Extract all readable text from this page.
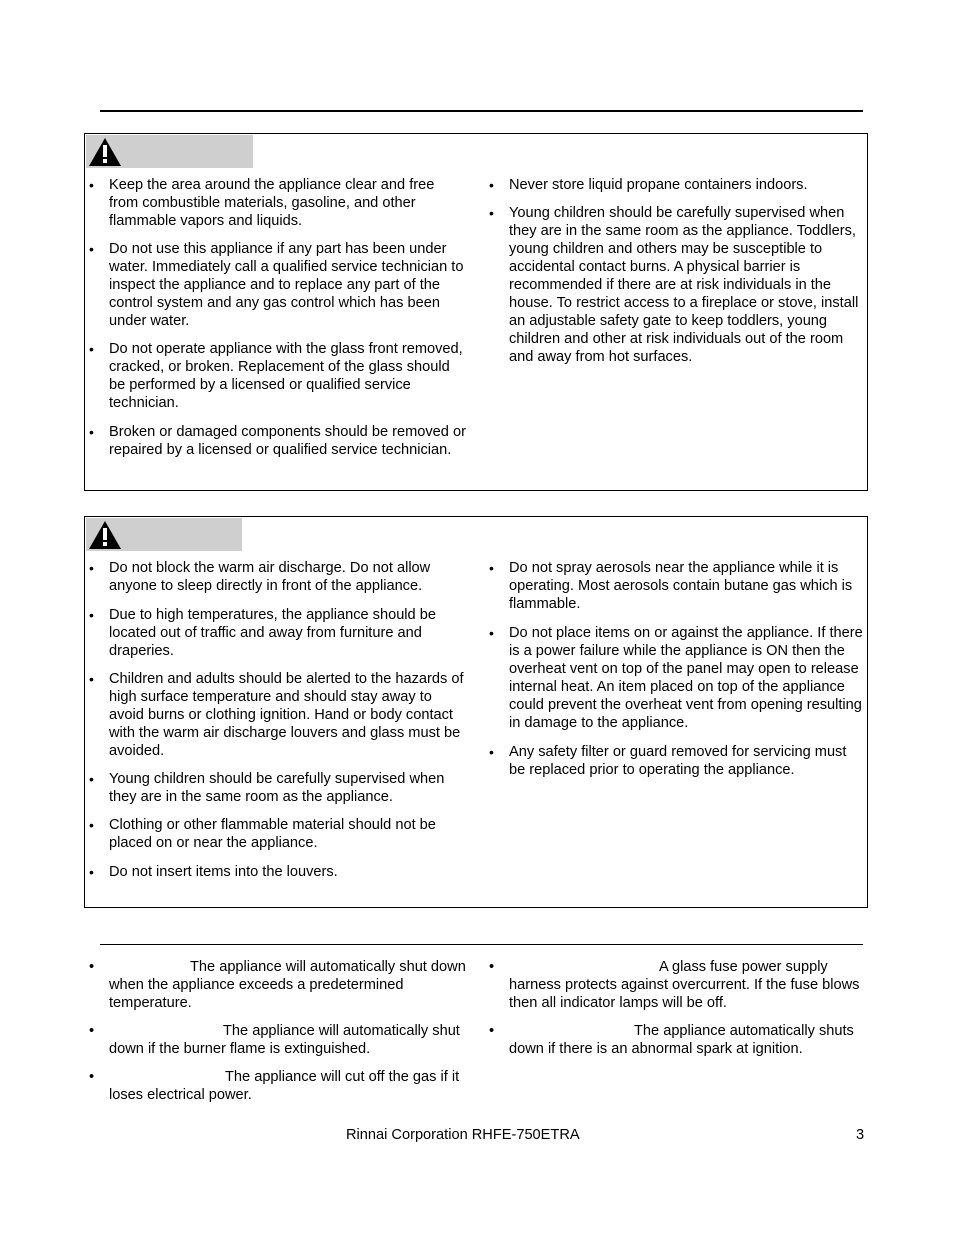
• Keep the area around the appliance clear and free from combustible materials, gasoline, and other flammable vapors and liquids.
• Do not use this appliance if any part has been under water. Immediately call a qualified service technician to inspect the appliance and to replace any part of the control system and any gas control which has been under water.
• Do not operate appliance with the glass front removed, cracked, or broken. Replacement of the glass should be performed by a licensed or qualified service technician.
• Broken or damaged components should be removed or repaired by a licensed or qualified service technician.
• Never store liquid propane containers indoors.
• Young children should be carefully supervised when they are in the same room as the appliance. Toddlers, young children and others may be susceptible to accidental contact burns. A physical barrier is recommended if there are at risk individuals in the house. To restrict access to a fireplace or stove, install an adjustable safety gate to keep toddlers, young children and other at risk individuals out of the room and away from hot surfaces.
• Do not block the warm air discharge. Do not allow anyone to sleep directly in front of the appliance.
• Due to high temperatures, the appliance should be located out of traffic and away from furniture and draperies.
• Children and adults should be alerted to the hazards of high surface temperature and should stay away to avoid burns or clothing ignition. Hand or body contact with the warm air discharge louvers and glass must be avoided.
• Young children should be carefully supervised when they are in the same room as the appliance.
• Clothing or other flammable material should not be placed on or near the appliance.
• Do not insert items into the louvers.
• Do not spray aerosols near the appliance while it is operating. Most aerosols contain butane gas which is flammable.
• Do not place items on or against the appliance. If there is a power failure while the appliance is ON then the overheat vent on top of the panel may open to release internal heat. An item placed on top of the appliance could prevent the overheat vent from opening resulting in damage to the appliance.
• Any safety filter or guard removed for servicing must be replaced prior to operating the appliance.
• The appliance will automatically shut down when the appliance exceeds a predetermined temperature.
• The appliance will automatically shut down if the burner flame is extinguished.
• The appliance will cut off the gas if it loses electrical power.
• A glass fuse power supply harness protects against overcurrent. If the fuse blows then all indicator lamps will be off.
• The appliance automatically shuts down if there is an abnormal spark at ignition.
Rinnai Corporation RHFE-750ETRA	3
